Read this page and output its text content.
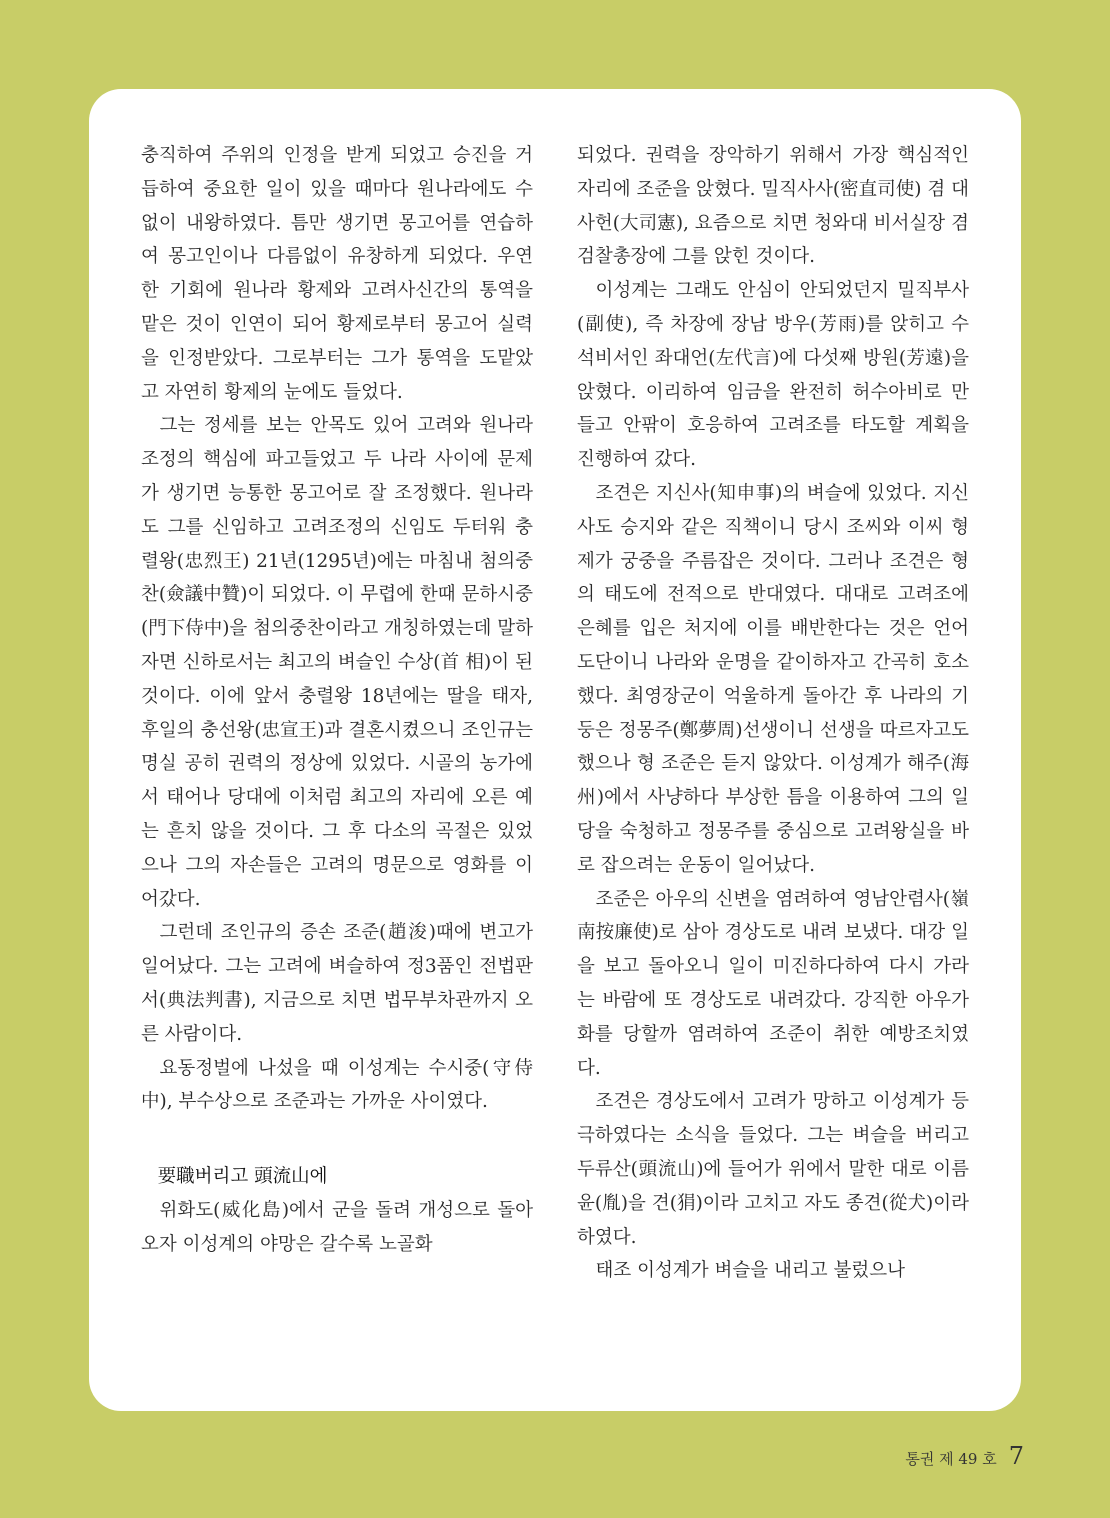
충직하여 주위의 인정을 받게 되었고 승진을 거듭하여 중요한 일이 있을 때마다 원나라에도 수없이 내왕하였다. 틈만 생기면 몽고어를 연습하여 몽고인이나 다름없이 유창하게 되었다. 우연한 기회에 원나라 황제와 고려사신간의 통역을 맡은 것이 인연이 되어 황제로부터 몽고어 실력을 인정받았다. 그로부터는 그가 통역을 도맡았고 자연히 황제의 눈에도 들었다.

그는 정세를 보는 안목도 있어 고려와 원나라 조정의 핵심에 파고들었고 두 나라 사이에 문제가 생기면 능통한 몽고어로 잘 조정했다. 원나라도 그를 신임하고 고려조정의 신임도 두터워 충렬왕(忠烈王) 21년(1295년)에는 마침내 첨의중찬(僉議中贊)이 되었다. 이 무렵에 한때 문하시중(門下侍中)을 첨의중찬이라고 개칭하였는데 말하자면 신하로서는 최고의 벼슬인 수상(首 相)이 된 것이다. 이에 앞서 충렬왕 18년에는 딸을 태자, 후일의 충선왕(忠宣王)과 결혼시켰으니 조인규는 명실 공히 권력의 정상에 있었다. 시골의 농가에서 태어나 당대에 이처럼 최고의 자리에 오른 예는 흔치 않을 것이다. 그 후 다소의 곡절은 있었으나 그의 자손들은 고려의 명문으로 영화를 이어갔다.

그런데 조인규의 증손 조준(趙浚)때에 변고가 일어났다. 그는 고려에 벼슬하여 정3품인 전법판서(典法判書), 지금으로 치면 법무부차관까지 오른 사람이다.

요동정벌에 나섰을 때 이성계는 수시중(守侍中), 부수상으로 조준과는 가까운 사이였다.

要職버리고 頭流山에

위화도(威化島)에서 군을 돌려 개성으로 돌아오자 이성계의 야망은 갈수록 노골화

되었다. 권력을 장악하기 위해서 가장 핵심적인 자리에 조준을 앉혔다. 밀직사사(密直司使) 겸 대사헌(大司憲), 요즘으로 치면 청와대 비서실장 겸 검찰총장에 그를 앉힌 것이다.

이성계는 그래도 안심이 안되었던지 밀직부사(副使), 즉 차장에 장남 방우(芳雨)를 앉히고 수석비서인 좌대언(左代言)에 다섯째 방원(芳遠)을 앉혔다. 이리하여 임금을 완전히 허수아비로 만들고 안팎이 호응하여 고려조를 타도할 계획을 진행하여 갔다.

조견은 지신사(知申事)의 벼슬에 있었다. 지신사도 승지와 같은 직책이니 당시 조씨와 이씨 형제가 궁중을 주름잡은 것이다. 그러나 조견은 형의 태도에 전적으로 반대였다. 대대로 고려조에 은혜를 입은 처지에 이를 배반한다는 것은 언어도단이니 나라와 운명을 같이하자고 간곡히 호소했다. 최영장군이 억울하게 돌아간 후 나라의 기둥은 정몽주(鄭夢周)선생이니 선생을 따르자고도 했으나 형 조준은 듣지 않았다. 이성계가 해주(海州)에서 사냥하다 부상한 틈을 이용하여 그의 일당을 숙청하고 정몽주를 중심으로 고려왕실을 바로 잡으려는 운동이 일어났다.

조준은 아우의 신변을 염려하여 영남안렴사(嶺南按廉使)로 삼아 경상도로 내려 보냈다. 대강 일을 보고 돌아오니 일이 미진하다하여 다시 가라는 바람에 또 경상도로 내려갔다. 강직한 아우가 화를 당할까 염려하여 조준이 취한 예방조치였다.

조견은 경상도에서 고려가 망하고 이성계가 등극하였다는 소식을 들었다. 그는 벼슬을 버리고 두류산(頭流山)에 들어가 위에서 말한 대로 이름 윤(胤)을 견(狷)이라 고치고 자도 종견(從犬)이라 하였다.

태조 이성계가 벼슬을 내리고 불렀으나

통권 제 49 호 7
